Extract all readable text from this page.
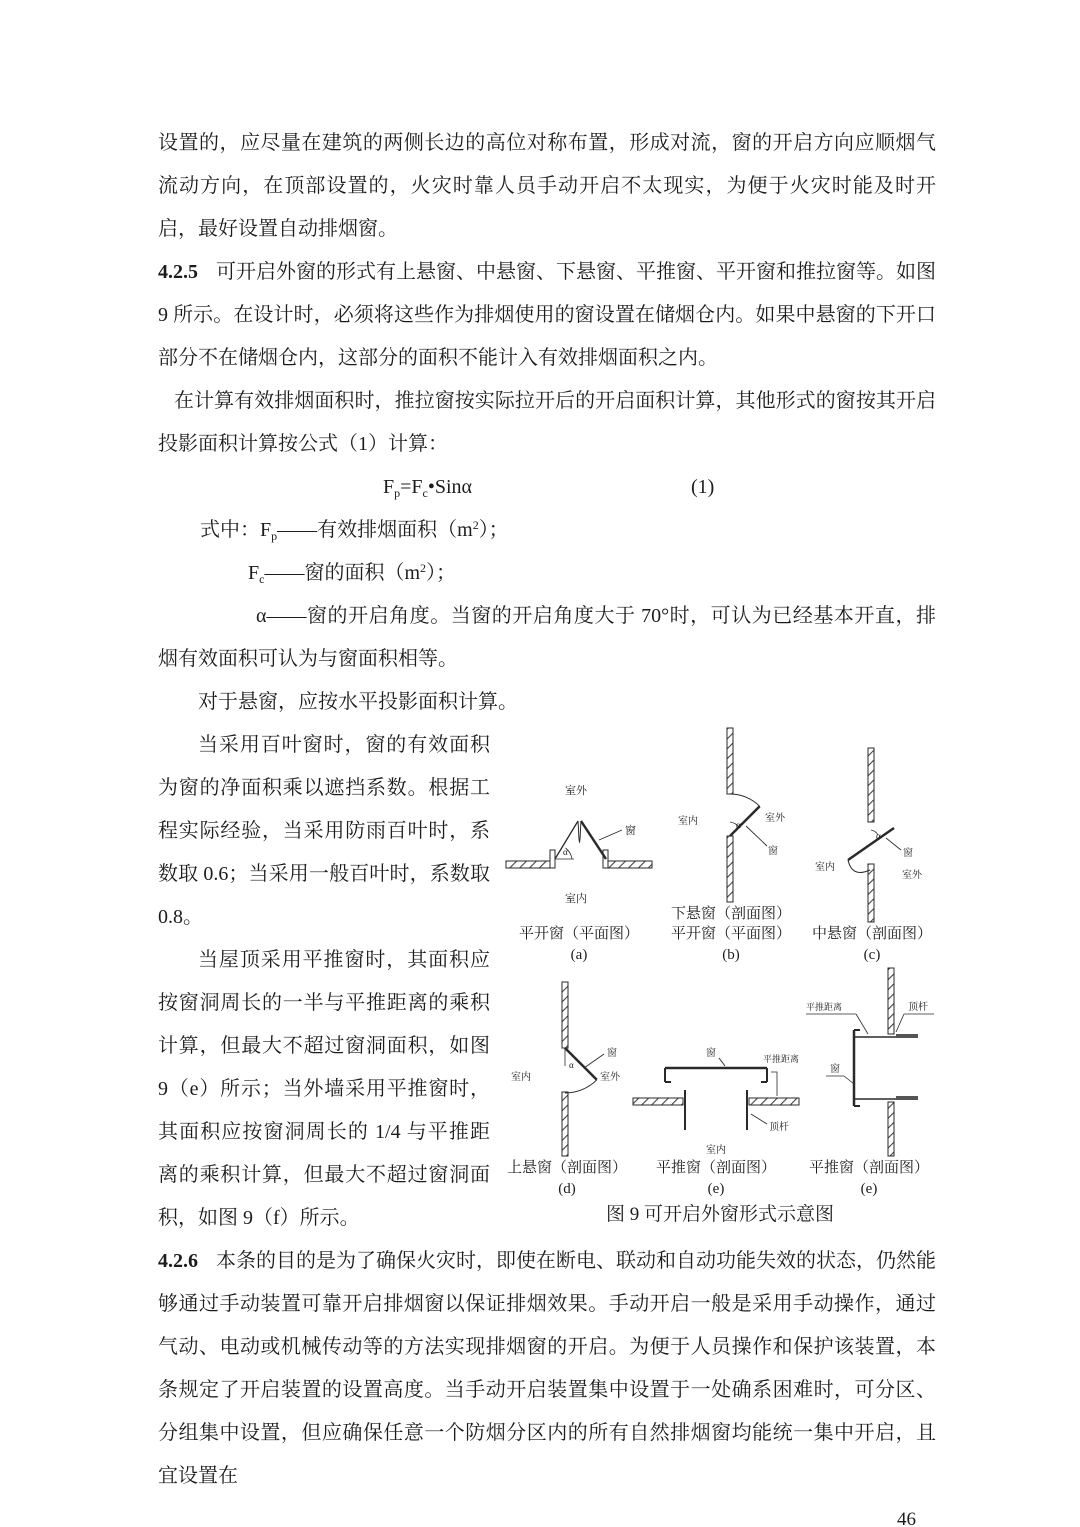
设置的，应尽量在建筑的两侧长边的高位对称布置，形成对流，窗的开启方向应顺烟气流动方向，在顶部设置的，火灾时靠人员手动开启不太现实，为便于火灾时能及时开启，最好设置自动排烟窗。

4.2.5 可开启外窗的形式有上悬窗、中悬窗、下悬窗、平推窗、平开窗和推拉窗等。如图 9 所示。在设计时，必须将这些作为排烟使用的窗设置在储烟仓内。如果中悬窗的下开口部分不在储烟仓内，这部分的面积不能计入有效排烟面积之内。

在计算有效排烟面积时，推拉窗按实际拉开后的开启面积计算，其他形式的窗按其开启投影面积计算按公式（1）计算：

$F_p=F_c•Sin\alpha$	(1)

式中：$F_p——$有效排烟面积$(m^2)$；

$F_c——$窗的面积$(m^2)$；

α——窗的开启角度。当窗的开启角度大于 70°时，可认为已经基本开直，排烟有效面积可认为与窗面积相等。

对于悬窗，应按水平投影面积计算。

室外
α
窗
室内
平开窗（平面图）
(a)
α
室内	室外
窗
下悬窗（剖面图）
平开窗（平面图）
(b)
α
窗
室外
室内
中悬窗（剖面图）
(c)
α
窗
室内	室外
上悬窗（剖面图）
(d)
窗	平推距离
顶杆
室内
平推窗（剖面图）
(e)
平推距离	顶杆
窗
平推窗（剖面图）
(e)
图 9 可开启外窗形式示意图

当采用百叶窗时，窗的有效面积为窗的净面积乘以遮挡系数。根据工程实际经验，当采用防雨百叶时，系数取 0.6；当采用一般百叶时，系数取 0.8。

当屋顶采用平推窗时，其面积应按窗洞周长的一半与平推距离的乘积计算，但最大不超过窗洞面积，如图 9（e）所示；当外墙采用平推窗时，其面积应按窗洞周长的 1/4 与平推距离的乘积计算，但最大不超过窗洞面积，如图 9（f）所示。

4.2.6 本条的目的是为了确保火灾时，即使在断电、联动和自动功能失效的状态，仍然能够通过手动装置可靠开启排烟窗以保证排烟效果。手动开启一般是采用手动操作，通过气动、电动或机械传动等的方法实现排烟窗的开启。为便于人员操作和保护该装置，本条规定了开启装置的设置高度。当手动开启装置集中设置于一处确系困难时，可分区、分组集中设置，但应确保任意一个防烟分区内的所有自然排烟窗均能统一集中开启，且宜设置在

46
